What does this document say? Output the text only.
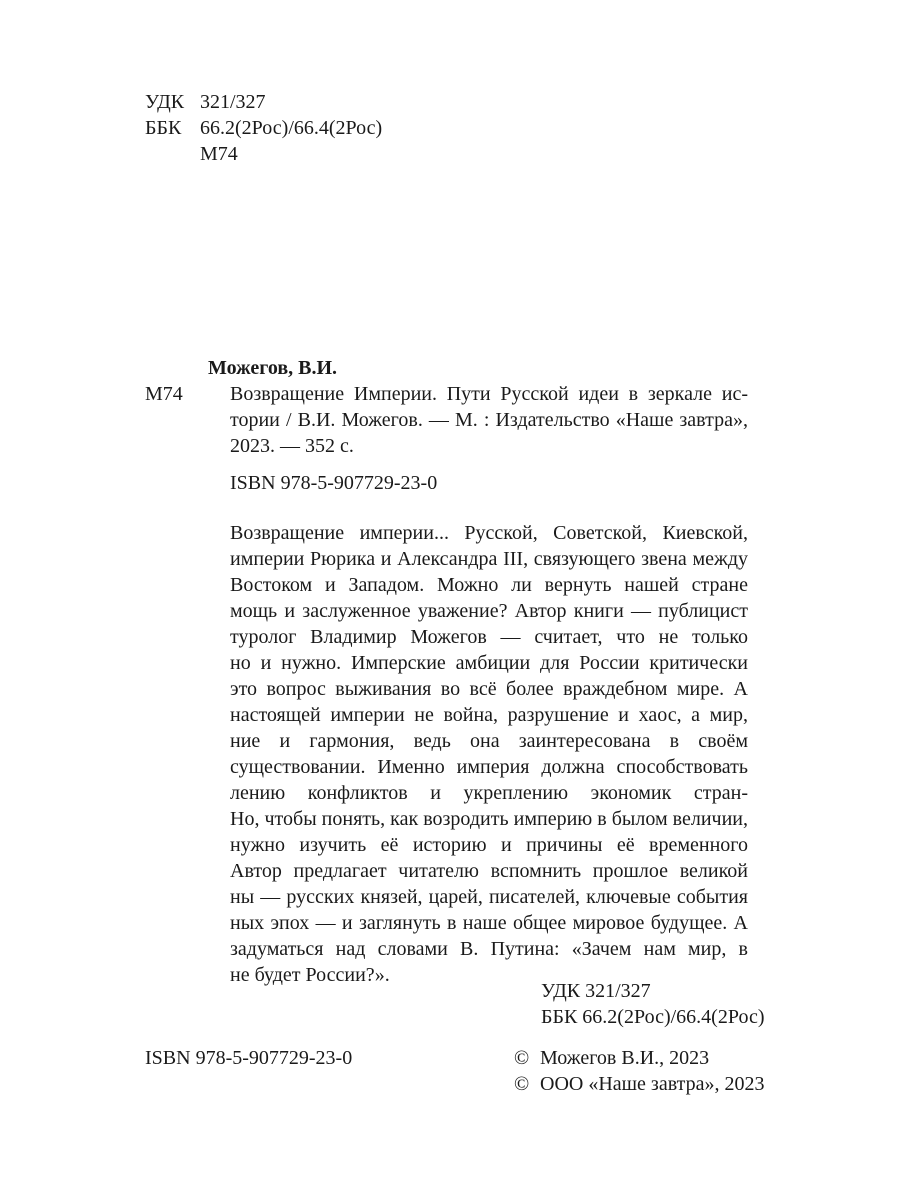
УДК 321/327
ББК 66.2(2Рос)/66.4(2Рос)
М74
Можегов, В.И.
М74 Возвращение Империи. Пути Русской идеи в зеркале ис-
тории / В.И. Можегов. — М. : Издательство «Наше завтра»,
2023. — 352 с.
ISBN 978-5-907729-23-0
Возвращение империи... Русской, Советской, Киевской,
империи Рюрика и Александра III, связующего звена между
Востоком и Западом. Можно ли вернуть нашей стране
мощь и заслуженное уважение? Автор книги — публицист
туролог Владимир Можегов — считает, что не только
но и нужно. Имперские амбиции для России критически
это вопрос выживания во всё более враждебном мире. А
настоящей империи не война, разрушение и хаос, а мир,
ние и гармония, ведь она заинтересована в своём
существовании. Именно империя должна способствовать
лению конфликтов и укреплению экономик стран-
Но, чтобы понять, как возродить империю в былом величии,
нужно изучить её историю и причины её временного
Автор предлагает читателю вспомнить прошлое великой
ны — русских князей, царей, писателей, ключевые события
ных эпох — и заглянуть в наше общее мировое будущее. А
задуматься над словами В. Путина: «Зачем нам мир, в
не будет России?».
УДК 321/327
ББК 66.2(2Рос)/66.4(2Рос)
ISBN 978-5-907729-23-0	© Можегов В.И., 2023
© ООО «Наше завтра», 2023
